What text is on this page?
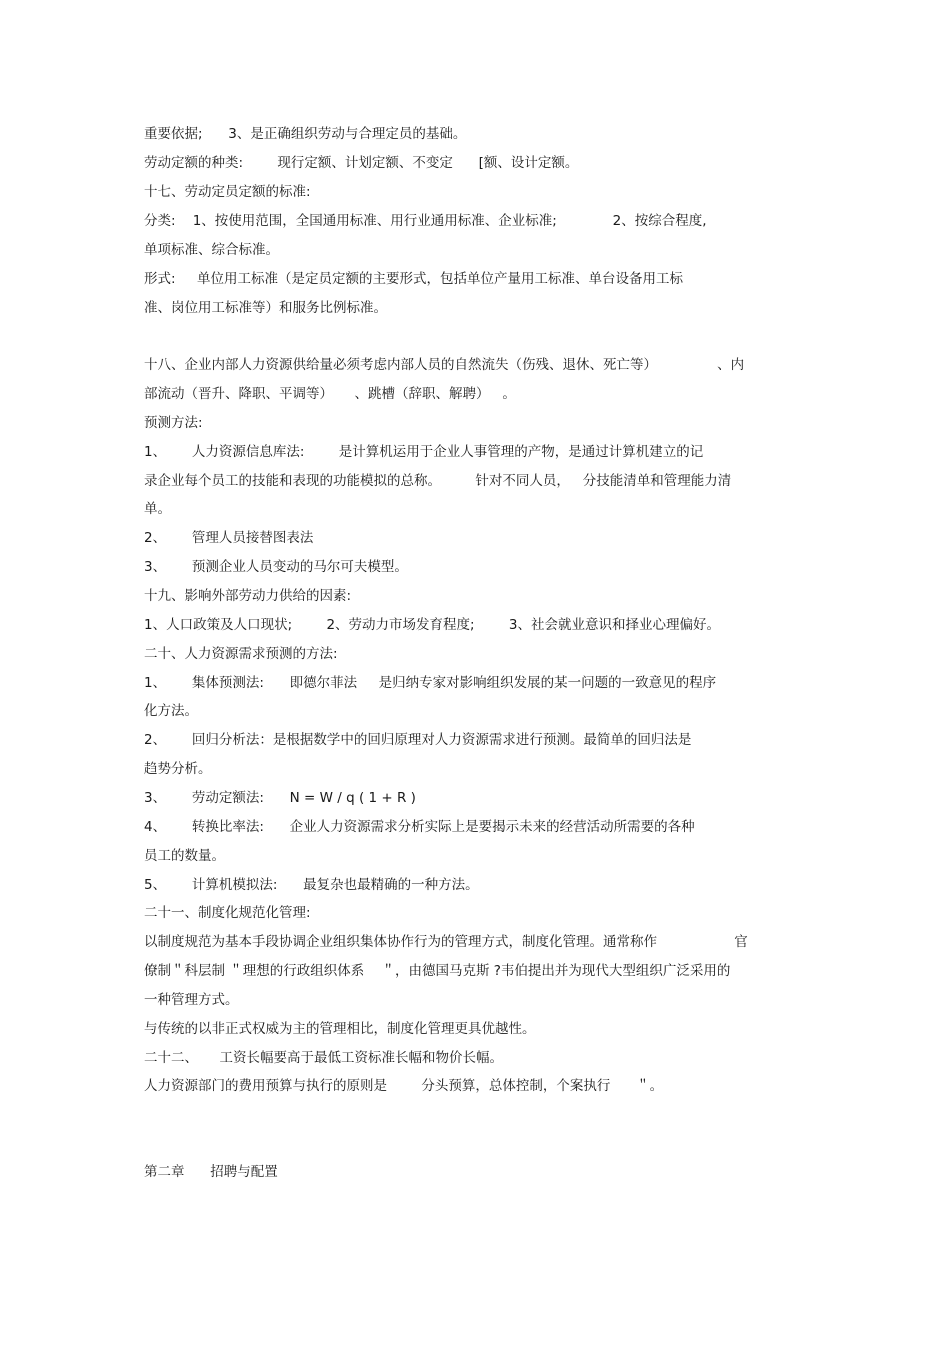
重要依据;      3、是正确组织劳动与合理定员的基础。
劳动定额的种类:        现行定额、计划定额、不变定      [额、设计定额。
十七、劳动定员定额的标准:
分类:    1、按使用范围，全国通用标准、用行业通用标准、企业标准;             2、按综合程度,
单项标准、综合标准。
形式:     单位用工标准（是定员定额的主要形式，包括单位产量用工标准、单台设备用工标
准、岗位用工标准等）和服务比例标准。
十八、企业内部人力资源供给量必须考虑内部人员的自然流失（伤残、退休、死亡等）              、内
部流动（晋升、降职、平调等）     、跳槽（辞职、解聘）   。
预测方法:
1、      人力资源信息库法:        是计算机运用于企业人事管理的产物，是通过计算机建立的记
录企业每个员工的技能和表现的功能模拟的总称。        针对不同人员，   分技能清单和管理能力清
单。
2、      管理人员接替图表法
3、      预测企业人员变动的马尔可夫模型。
十九、影响外部劳动力供给的因素:
1、人口政策及人口现状;        2、劳动力市场发育程度;        3、社会就业意识和择业心理偏好。
二十、人力资源需求预测的方法:
1、      集体预测法:      即德尔菲法     是归纳专家对影响组织发展的某一问题的一致意见的程序
化方法。
2、      回归分析法：是根据数学中的回归原理对人力资源需求进行预测。最简单的回归法是
趋势分析。
3、      劳动定额法:      N = W / q ( 1 + R )
4、      转换比率法:      企业人力资源需求分析实际上是要揭示未来的经营活动所需要的各种
员工的数量。
5、      计算机模拟法:      最复杂也最精确的一种方法。
二十一、制度化规范化管理:
以制度规范为基本手段协调企业组织集体协作行为的管理方式，制度化管理。通常称作                  官
僚制＂科层制 ＂理想的行政组织体系    ＂，由德国马克斯 ?韦伯提出并为现代大型组织广泛采用的
一种管理方式。
与传统的以非正式权威为主的管理相比，制度化管理更具优越性。
二十二、     工资长幅要高于最低工资标准长幅和物价长幅。
人力资源部门的费用预算与执行的原则是        分头预算，总体控制，个案执行      ＂。
第二章      招聘与配置
